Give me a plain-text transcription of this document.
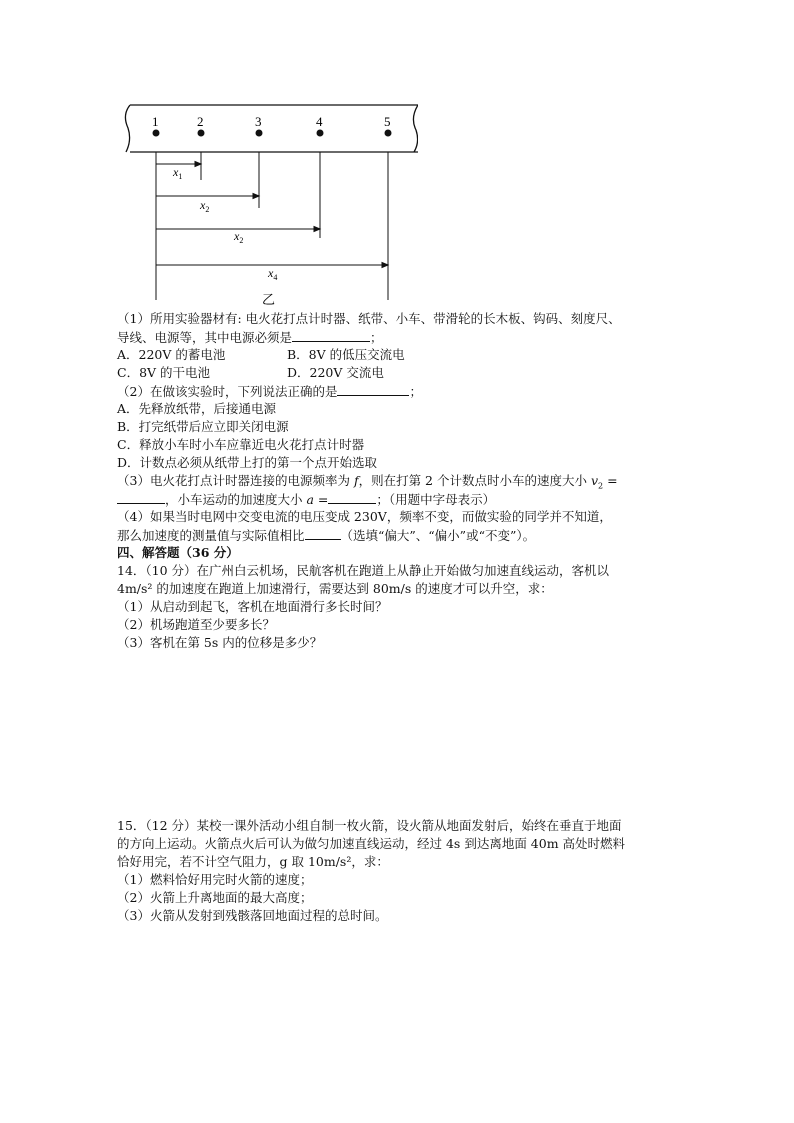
1	2	3	4	5
$x_1$
$x_2$
$x_2$
$x_4$
乙
（1）所用实验器材有: 电火花打点计时器、纸带、小车、带滑轮的长木板、钩码、刻度尺、
导线、电源等，其中电源必须是	；
A．220V 的蓄电池	B．8V 的低压交流电
C．8V 的干电池	D．220V 交流电
（2）在做该实验时，下列说法正确的是	；
A．先释放纸带，后接通电源
B．打完纸带后应立即关闭电源
C．释放小车时小车应靠近电火花打点计时器
D．计数点必须从纸带上打的第一个点开始选取
（3）电火花打点计时器连接的电源频率为 f，则在打第 2 个计数点时小车的速度大小 $v_2$ =
，小车运动的加速度大小 a =	；（用题中字母表示）
（4）如果当时电网中交变电流的电压变成 230V，频率不变，而做实验的同学并不知道，
那么加速度的测量值与实际值相比	（选填“偏大”、“偏小”或“不变”）。
四、解答题（36 分）
14．（10 分）在广州白云机场，民航客机在跑道上从静止开始做匀加速直线运动，客机以
4m/s² 的加速度在跑道上加速滑行，需要达到 80m/s 的速度才可以升空，求：
（1）从启动到起飞，客机在地面滑行多长时间？
（2）机场跑道至少要多长？
（3）客机在第 5s 内的位移是多少？
15．（12 分）某校一课外活动小组自制一枚火箭，设火箭从地面发射后，始终在垂直于地面
的方向上运动。火箭点火后可认为做匀加速直线运动，经过 4s 到达离地面 40m 高处时燃料
恰好用完，若不计空气阻力，g 取 10m/s²，求：
（1）燃料恰好用完时火箭的速度；
（2）火箭上升离地面的最大高度；
（3）火箭从发射到残骸落回地面过程的总时间。
